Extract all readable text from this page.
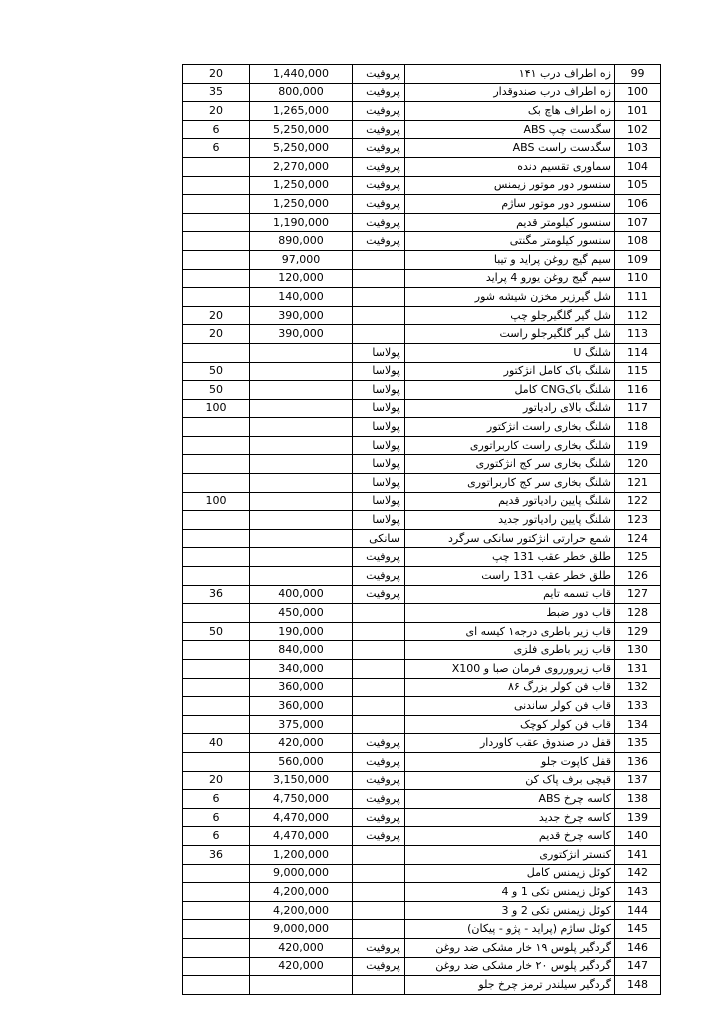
20	1,440,000	پروفیت	زه اطراف درب ۱۴۱	99
35	800,000	پروفیت	زه اطراف درب صندوقدار	100
20	1,265,000	پروفیت	زه اطراف هاچ بک	101
6	5,250,000	پروفیت	سگدست چپ ABS	102
6	5,250,000	پروفیت	سگدست راست ABS	103
	2,270,000	پروفیت	سماوری تقسیم دنده	104
	1,250,000	پروفیت	سنسور دور موتور زیمنس	105
	1,250,000	پروفیت	سنسور دور موتور ساژم	106
	1,190,000	پروفیت	سنسور کیلومتر قدیم	107
	890,000	پروفیت	سنسور کیلومتر مگنتی	108
	97,000		سیم گیج روغن پراید و تیبا	109
	120,000		سیم گیج روغن یورو 4 پراید	110
	140,000		شل گیرزیر مخزن شیشه شور	111
20	390,000		شل گیر گلگیرجلو چپ	112
20	390,000		شل گیر گلگیرجلو راست	113
		پولاسا	شلنگ U	114
50		پولاسا	شلنگ باک کامل انژکتور	115
50		پولاسا	شلنگ باکCNG کامل	116
100		پولاسا	شلنگ بالای رادیاتور	117
		پولاسا	شلنگ بخاری راست انژکتور	118
		پولاسا	شلنگ بخاری راست کاربراتوری	119
		پولاسا	شلنگ بخاری سر کج انژکتوری	120
		پولاسا	شلنگ بخاری سر کج کاربراتوری	121
100		پولاسا	شلنگ پایین رادیاتور قدیم	122
		پولاسا	شلنگ پایین رادیاتور جدید	123
		سانکی	شمع حرارتی انژکتور سانکی سرگرد	124
		پروفیت	طلق خطر عقب 131 چپ	125
		پروفیت	طلق خطر عقب 131 راست	126
36	400,000	پروفیت	قاب تسمه تایم	127
	450,000		قاب دور ضبط	128
50	190,000		قاب زیر باطری درجه۱ کیسه ای	129
	840,000		قاب زیر باطری فلزی	130
	340,000		قاب زیرورروی فرمان صبا و X100	131
	360,000		قاب فن کولر بزرگ ۸۶	132
	360,000		قاب فن کولر ساندنی	133
	375,000		قاب فن کولر کوچک	134
40	420,000	پروفیت	قفل در صندوق عقب کاوردار	135
	560,000	پروفیت	قفل کاپوت جلو	136
20	3,150,000	پروفیت	قیچی برف پاک کن	137
6	4,750,000	پروفیت	کاسه چرخ ABS	138
6	4,470,000	پروفیت	کاسه چرخ جدید	139
6	4,470,000	پروفیت	کاسه چرخ قدیم	140
36	1,200,000		کنستر انژکتوری	141
	9,000,000		کوئل زیمنس کامل	142
	4,200,000		کوئل زیمنس تکی 1 و 4	143
	4,200,000		کوئل زیمنس تکی 2 و 3	144
	9,000,000		کوئل ساژم (پراید - پژو - پیکان)	145
	420,000	پروفیت	گردگیر پلوس ۱۹ خار مشکی ضد روغن	146
	420,000	پروفیت	گردگیر پلوس ۲۰ خار مشکی ضد روغن	147
			گردگیر سیلندر ترمز چرخ جلو	148
